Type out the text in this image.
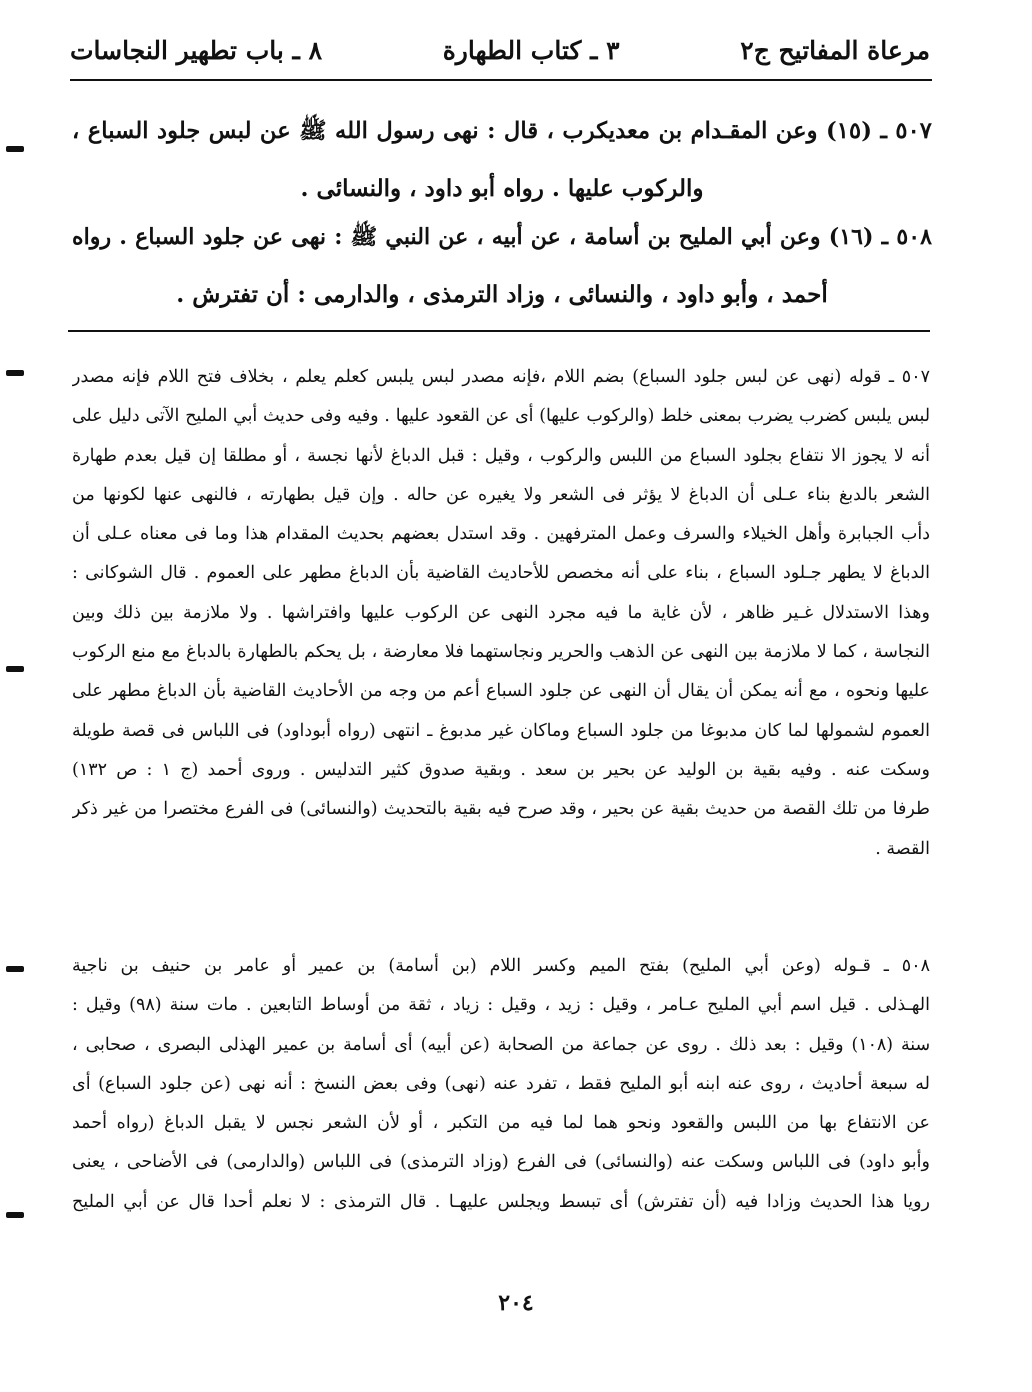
مرعاة المفاتيح ج٢
٣ ـ كتاب الطهارة
٨ ـ باب تطهير النجاسات
٥٠٧ ـ (١٥) وعن المقـدام بن معديكرب ، قال : نهى رسول الله ﷺ عن لبس جلود السباع ،
والركوب عليها . رواه أبو داود ، والنسائى .
٥٠٨ ـ (١٦) وعن أبي المليح بن أسامة ، عن أبيه ، عن النبي ﷺ : نهى عن جلود السباع . رواه
أحمد ، وأبو داود ، والنسائى ، وزاد الترمذى ، والدارمى : أن تفترش .
٥٠٧ ـ قوله (نهى عن لبس جلود السباع) بضم اللام ،فإنه مصدر لبس يلبس كعلم يعلم ، بخلاف فتح اللام فإنه مصدر
لبس يلبس كضرب يضرب بمعنى خلط (والركوب عليها) أى عن القعود عليها . وفيه وفى حديث أبي المليح الآتى دليل على
أنه لا يجوز الا نتفاع بجلود السباع من اللبس والركوب ، وقيل : قبل الدباغ لأنها نجسة ، أو مطلقا إن قيل بعدم طهارة
الشعر بالدبغ بناء عـلى أن الدباغ لا يؤثر فى الشعر ولا يغيره عن حاله . وإن قيل بطهارته ، فالنهى عنها لكونها من
دأب الجبابرة وأهل الخيلاء والسرف وعمل المترفهين . وقد استدل بعضهم بحديث المقدام هذا وما فى معناه عـلى أن
الدباغ لا يطهر جـلود السباع ، بناء على أنه مخصص للأحاديث القاضية بأن الدباغ مطهر على العموم . قال الشوكانى :
وهذا الاستدلال غـير ظاهر ، لأن غاية ما فيه مجرد النهى عن الركوب عليها وافتراشها . ولا ملازمة بين ذلك وبين
النجاسة ، كما لا ملازمة بين النهى عن الذهب والحرير ونجاستهما فلا معارضة ، بل يحكم بالطهارة بالدباغ مع منع الركوب
عليها ونحوه ، مع أنه يمكن أن يقال أن النهى عن جلود السباع أعم من وجه من الأحاديث القاضية بأن الدباغ مطهر على
العموم لشمولها لما كان مدبوغا من جلود السباع وماكان غير مدبوغ ـ انتهى (رواه أبوداود) فى اللباس فى قصة طويلة
وسكت عنه . وفيه بقية بن الوليد عن بحير بن سعد . وبقية صدوق كثير التدليس . وروى أحمد (ج ١ : ص ١٣٢)
طرفا من تلك القصة من حديث بقية عن بحير ، وقد صرح فيه بقية بالتحديث (والنسائى) فى الفرع مختصرا من غير ذكر
القصة .
٥٠٨ ـ قـوله (وعن أبي المليح) بفتح الميم وكسر اللام (بن أسامة) بن عمير أو عامر بن حنيف بن ناجية
الهـذلى . قيل اسم أبي المليح عـامر ، وقيل : زيد ، وقيل : زياد ، ثقة من أوساط التابعين . مات سنة (٩٨) وقيل :
سنة (١٠٨) وقيل : بعد ذلك . روى عن جماعة من الصحابة (عن أبيه) أى أسامة بن عمير الهذلى البصرى ، صحابى ،
له سبعة أحاديث ، روى عنه ابنه أبو المليح فقط ، تفرد عنه (نهى) وفى بعض النسخ : أنه نهى (عن جلود السباع) أى
عن الانتفاع بها من اللبس والقعود ونحو هما لما فيه من التكبر ، أو لأن الشعر نجس لا يقبل الدباغ (رواه أحمد
وأبو داود) فى اللباس وسكت عنه (والنسائى) فى الفرع (وزاد الترمذى) فى اللباس (والدارمى) فى الأضاحى ، يعنى
رويا هذا الحديث وزادا فيه (أن تفترش) أى تبسط ويجلس عليهـا . قال الترمذى : لا نعلم أحدا قال عن أبي المليح
٢٠٤
